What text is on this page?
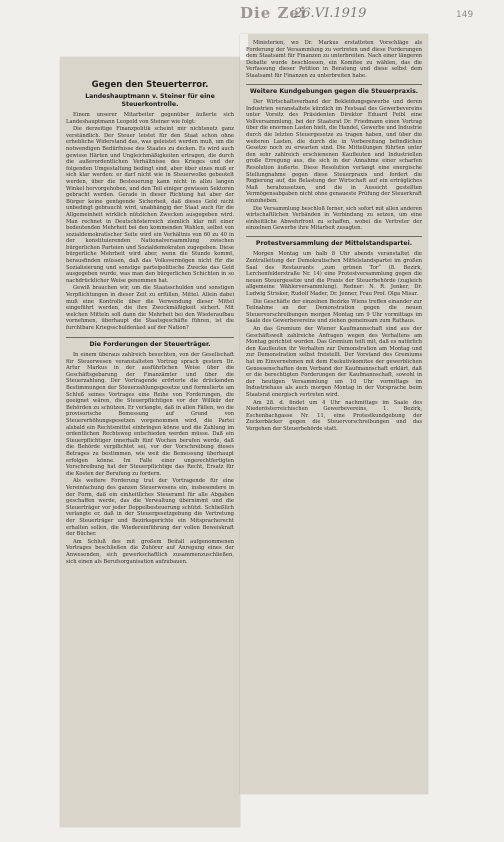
Die Zei
26.VI.1919	149
Gegen den Steuerterror.
Landeshauptmann v. Steiner für eine Steuerkontrolle.

Einem unserer Mitarbeiter gegenüber äußerte sich Landeshauptmann Leopold von Steiner wie folgt:

Die derzeitige Finanzpolitik scheint mir nichtsnutz ganz verständlich. Der Steuer leistet für den Staat schon ohne erhebliche Widerstand das, was geleistet werden muß, um die notwendigen Bedürfnisse des Staates zu decken. Es wird auch gewisse Härten und Ungleichmäßigkeiten ertragen, die durch die außerordentlichen Verhältnisse des Krieges und der folgenden Umgestaltung bedingt sind, aber über eines muß er sich klar werden: er darf nicht wie in Steuerwolke gebeutelt werden, über die Besteuerung kann nicht in allzu langen Winkel hervorgehoben, und den Teil einiger gewissen Sektoren gebracht werden. Gerade in dieser Richtung hat aber der Bürger keine genügende Sicherheit, daß dieses Geld nicht unbedingt gebraucht wird, unabhängig der Staat auch für die Allgemeinheit wirklich nützlichen Zwecken ausgegeben wird. Man rechnet in Deutschösterreich ziemlich klar mit einer bedeutenden Mehrheit bei den kommenden Wahlen, selbst von sozialdemokratischer Seite wird ein Verhältnis von 60 zu 40 in der konstituierenden Nationalversammlung zwischen bürgerlichen Parteien und Sozialdemokraten zugegeben. Diese bürgerliche Mehrheit wird aber, wenn die Stunde kommt, herausfinden müssen, daß das Volksvermögen nicht für die Sozialisierung und sonstige parteipolitische Zwecke das Geld ausgegeben wurde, was man den bürgerlichen Schichten in so nachdrücklicher Weise genommen hat.

Gewiß brauchen wir, um die Staatsschulden und sonstigen Verpflichtungen in dieser Zeit zu erfüllen, Mittel. Allein dabei muß eine Kontrolle über die Verwendung dieser Mittel eingeführt werden, die ihre Zweckmäßigkeit sichert. Mit welchen Mitteln soll dann die Mehrheit bei den Wiederaufbau vornehmen, überhaupt die Staatsgeschäfte führen, ist die furchtbare Kriegsschuldenlast auf der Nation?

Die Forderungen der Steuerträger.

In einem überaus zahlreich besuchten, von der Gesellschaft für Steuerwesen veranstalteten Vortrag sprach gestern Dr. Artur Markus in der ausführlichen Weise über die Geschäftsgebarung der Finanzämter und über die Steuerzahlung. Der Vortragende erörterte die drückenden Bestimmungen der Steuerzahlungsgesetze und formulierte am Schluß seines Vortrages eine Reihe von Forderungen, die geeignet wären, die Steuerpflichtigen vor der Willkür der Behörden zu schützen. Er verlangte, daß in allen Fällen, wo die provisorische Bemessung auf Grund von Steuererhöhungsgesetzen vorgenommen wird, die Partei alsbald ein Rechtsmittel einbringen könne und die Zahlung im ordentlichen Rechtsweg entschieden werden müsse. Daß ein Steuerpflichtiger innerhalb fünf Wochen berufen werde, daß die Behörde verpflichtet sei, vor der Vorschreibung dieses Betrages zu bestimmen, wie weit die Bemessung überhaupt erfolgen könne. Im Falle einer ungerechtfertigten Vorschreibung hat der Steuerpflichtige das Recht, Ersatz für die Kosten der Berufung zu fordern.

Als weitere Forderung trat der Vortragende für eine Vereinfachung des ganzen Steuerwesens ein, insbesondere in der Form, daß ein einheitliches Steueramt für alle Abgaben geschaffen werde, das die Verwaltung übernimmt und die Steuerträger vor jeder Doppelbesteuerung schützt. Schließlich verlangte er, daß in der Steuergesetzgebung die Vertretung der Steuerträger und Bezirksgerichte ein Mitspracherecht erhalten sollen, die Wiedereinführung der vollen Beweiskraft der Bücher.

Am Schluß des mit großem Beifall aufgenommenen Vortrages beschließen die Zuhörer auf Anregung eines der Anwesenden, sich gewerkschaftlich zusammenzuschließen, sich einen als Berufsorganisation aufzubauen.

Ministerien, wo Dr. Markus erstatteten Vorschläge als Forderung der Versammlung zu vertreten und diese Forderungen dem Staatsamt für Finanzen zu unterbreiten. Nach einer längeren Debatte wurde beschlossen, ein Komitee zu wählen, das die Verfassung dieser Petition in Beratung und diese selbst dem Staatsamt für Finanzen zu unterbreiten habe.

Weitere Kundgebungen gegen die Steuerpraxis.

Der Wirtschaftsverband der Bekleidungsgewerbe und deren Industrien veranstaltete kürzlich im Festsaal des Gewerbevereins unter Vorsitz des Präsidenten Direktor Eduard Feibl eine Vollversammlung, bei der Staatsrat Dr. Friedmann einen Vortrag über die enormen Lasten hielt, die Handel, Gewerbe und Industrie durch die letzten Steuergesetze zu tragen haben, und über die weiteren Lasten, die durch die in Vorbereitung befindlichen Gesetze noch zu erwarten sind. Die Mitteilungen führten unter den sehr zahlreich erschienenen Kaufleuten und Industriellen große Erregung aus, die sich in der Annahme einer scharfen Resolution äußerte. Diese Resolution verlangt eine energische Stellungnahme gegen diese Steuerpraxis und fordert die Regierung auf, die Belastung der Wirtschaft auf ein erträgliches Maß herabzusetzen, und die in Aussicht gestellten Vermögensabgaben nicht ohne genaueste Prüfung der Steuerkraft einzuheben.

Die Versammlung beschloß ferner, sich sofort mit allen anderen wirtschaftlichen Verbänden in Verbindung zu setzen, um eine einheitliche Abwehrfront zu schaffen, wobei die Vertreter der einzelnen Gewerbe ihre Mitarbeit zusagten.

Protestversammlung der Mittelstandspartei.

Morgen Montag um halb 8 Uhr abends veranstaltet die Zentralleitung der Demokratischen Mittelstandspartei im großen Saal des Restaurants „zum grünen Tor“ (8. Bezirk, Lerchenfelderstraße Nr. 14) eine Protestversammlung gegen die neuen Steuergesetze und die Praxis der Steuerbehörde (zugleich allgemeine Wählerversammlung). Redner: N. R. Jenker, Dr. Ludwig Strisker, Rudolf Mader, Dr. Jenner, Frau Prof. Olga Misar.

Die Geschäfte der einzelnen Bezirke Wiens treffen einander zur Teilnahme an der Demonstration gegen die neuen Steuervorschreibungen morgen Montag um 9 Uhr vormittags im Saale des Gewerbevereins und ziehen gemeinsam zum Rathaus.

An das Gremium der Wiener Kaufmannschaft sind aus der Geschäftswelt zahlreiche Anfragen wegen des Verhaltens am Montag gerichtet worden. Das Gremium teilt mit, daß es natürlich den Kaufleuten ihr Verhalten zur Demonstration am Montag und zur Demonstration selbst freistellt. Der Vorstand des Gremiums hat im Einvernehmen mit dem Exekutivkomitee der gewerblichen Genossenschaften dem Verband der Kaufmannschaft erklärt, daß er die berechtigten Forderungen der Kaufmannschaft, sowohl in der heutigen Versammlung um 10 Uhr vormittags im Industriehaus als auch morgen Montag in der Vorsprache beim Staatsrat energisch vertreten wird.

Am 28. d. findet um 4 Uhr nachmittags im Saale des Niederösterreichischen Gewerbevereins, 1. Bezirk, Eschenbachgasse Nr. 11, eine Protestkundgebung der Zuckerbäcker gegen die Steuervorschreibungen und das Vorgehen der Steuerbehörde statt.
